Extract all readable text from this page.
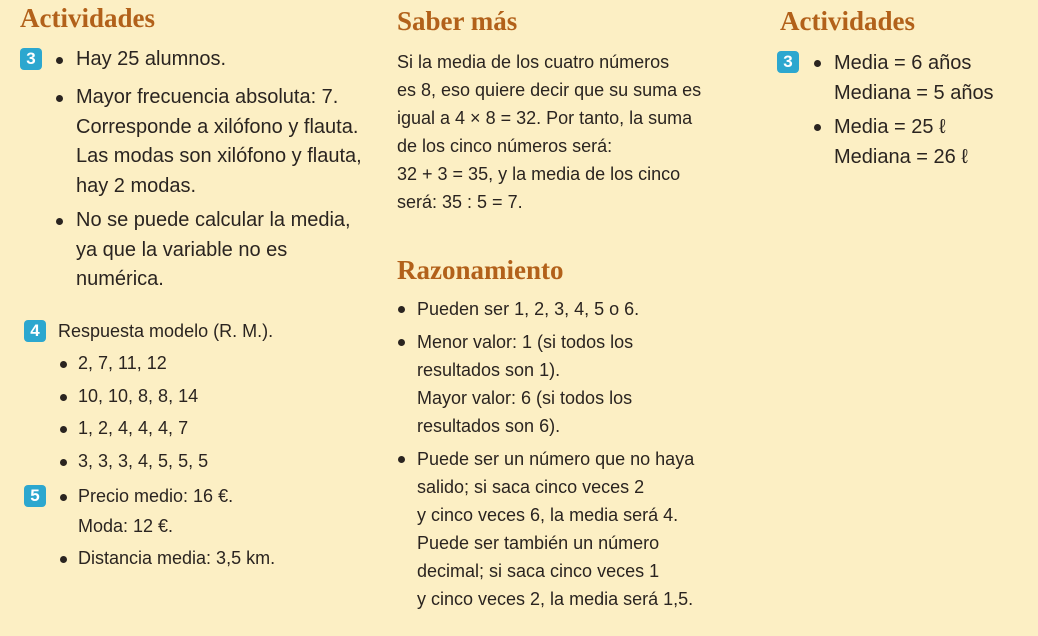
Actividades
3	Hay 25 alumnos.
Mayor frecuencia absoluta: 7.
Corresponde a xilófono y flauta.
Las modas son xilófono y flauta,
hay 2 modas.
No se puede calcular la media,
ya que la variable no es
numérica.
4	Respuesta modelo (R. M.).
2, 7, 11, 12
10, 10, 8, 8, 14
1, 2, 4, 4, 4, 7
3, 3, 3, 4, 5, 5, 5
5	Precio medio: 16 €.
Moda: 12 €.
Distancia media: 3,5 km.
Saber más
Si la media de los cuatro números
es 8, eso quiere decir que su suma es
igual a 4 × 8 = 32. Por tanto, la suma
de los cinco números será:
32 + 3 = 35, y la media de los cinco
será: 35 : 5 = 7.
Razonamiento
Pueden ser 1, 2, 3, 4, 5 o 6.
Menor valor: 1 (si todos los
resultados son 1).
Mayor valor: 6 (si todos los
resultados son 6).
Puede ser un número que no haya
salido; si saca cinco veces 2
y cinco veces 6, la media será 4.
Puede ser también un número
decimal; si saca cinco veces 1
y cinco veces 2, la media será 1,5.
Actividades
3	Media = 6 años
Mediana = 5 años
Media = 25 ℓ
Mediana = 26 ℓ
